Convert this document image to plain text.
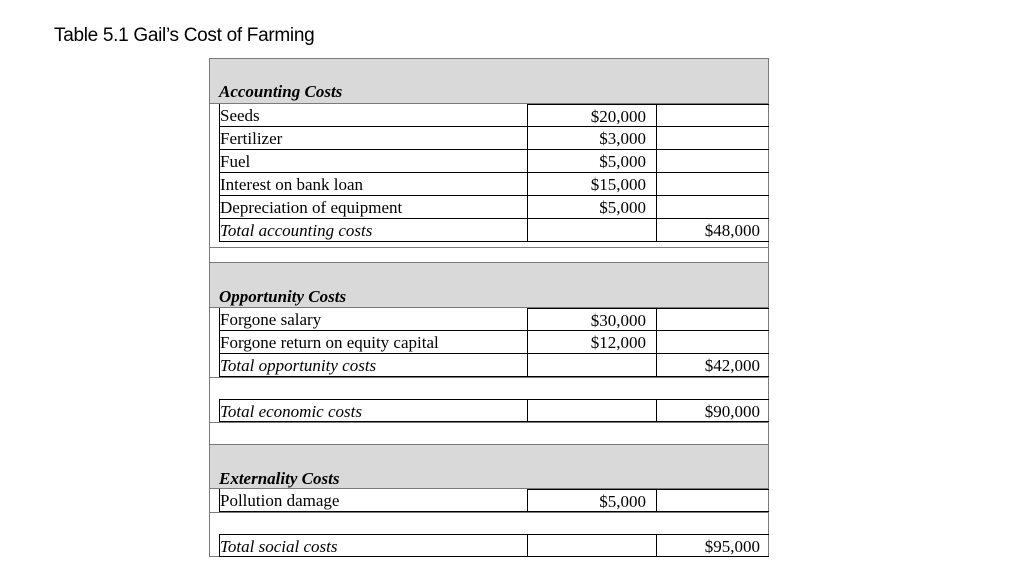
Table 5.1 Gail’s Cost of Farming
Accounting Costs
Seeds	$20,000
Fertilizer	$3,000
Fuel	$5,000
Interest on bank loan	$15,000
Depreciation of equipment	$5,000
Total accounting costs	$48,000
Opportunity Costs
Forgone salary	$30,000
Forgone return on equity capital	$12,000
Total opportunity costs	$42,000
Total economic costs	$90,000
Externality Costs
Pollution damage	$5,000
Total social costs	$95,000
